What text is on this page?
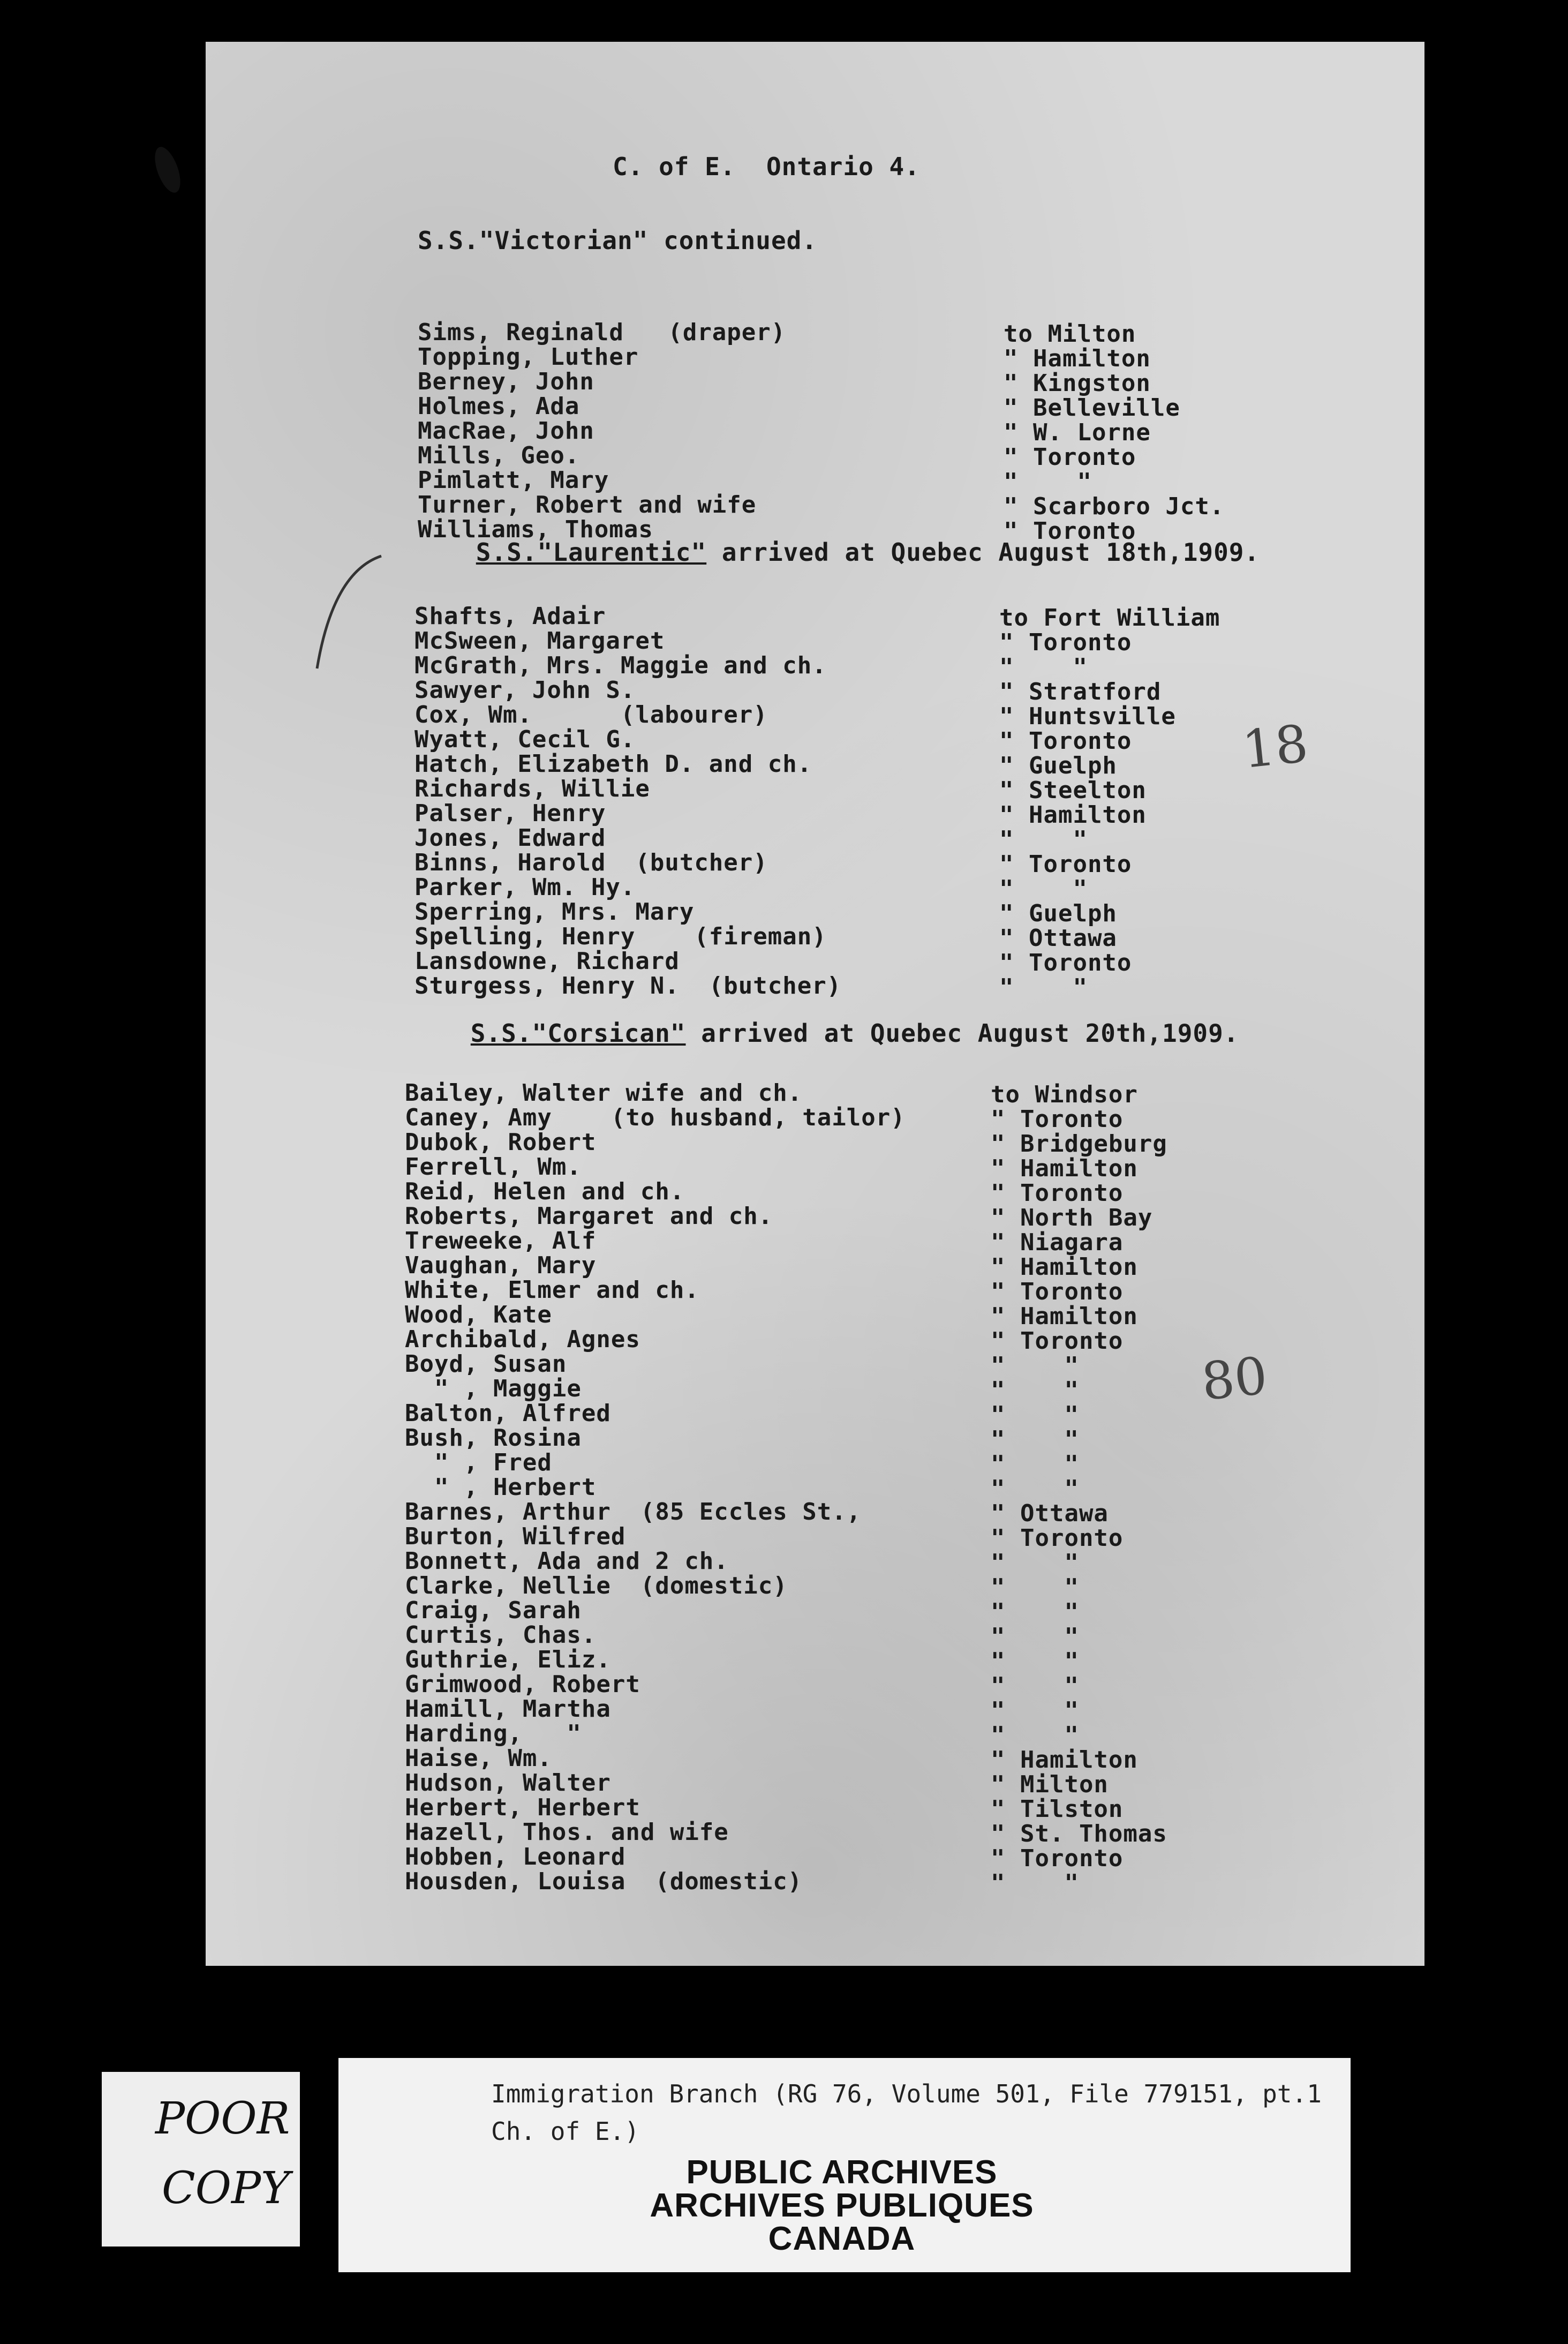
C. of E.  Ontario 4.
S.S."Victorian" continued.
Sims, Reginald   (draper)	to Milton
Topping, Luther	" Hamilton
Berney, John	" Kingston
Holmes, Ada	" Belleville
MacRae, John	" W. Lorne
Mills, Geo.	" Toronto
Pimlatt, Mary	"    "
Turner, Robert and wife	" Scarboro Jct.
Williams, Thomas	" Toronto

S.S."Laurentic" arrived at Quebec August 18th,1909.

Shafts, Adair	to Fort William
McSween, Margaret	" Toronto
McGrath, Mrs. Maggie and ch.	"    "
Sawyer, John S.	" Stratford
Cox, Wm.      (labourer)	" Huntsville
Wyatt, Cecil G.	" Toronto
Hatch, Elizabeth D. and ch.	" Guelph
Richards, Willie	" Steelton
Palser, Henry	" Hamilton
Jones, Edward	"    "
Binns, Harold  (butcher)	" Toronto
Parker, Wm. Hy.	"    "
Sperring, Mrs. Mary	" Guelph
Spelling, Henry    (fireman)	" Ottawa
Lansdowne, Richard	" Toronto
Sturgess, Henry N.  (butcher)	"    "

S.S."Corsican" arrived at Quebec August 20th,1909.

Bailey, Walter wife and ch.	to Windsor
Caney, Amy    (to husband, tailor)	" Toronto
Dubok, Robert	" Bridgeburg
Ferrell, Wm.	" Hamilton
Reid, Helen and ch.	" Toronto
Roberts, Margaret and ch.	" North Bay
Treweeke, Alf	" Niagara
Vaughan, Mary	" Hamilton
White, Elmer and ch.	" Toronto
Wood, Kate	" Hamilton
Archibald, Agnes	" Toronto
Boyd, Susan	"    "
" , Maggie	"    "
Balton, Alfred	"    "
Bush, Rosina	"    "
" , Fred	"    "
" , Herbert	"    "
Barnes, Arthur  (85 Eccles St.,	" Ottawa
Burton, Wilfred	" Toronto
Bonnett, Ada and 2 ch.	"    "
Clarke, Nellie  (domestic)	"    "
Craig, Sarah	"    "
Curtis, Chas.	"    "
Guthrie, Eliz.	"    "
Grimwood, Robert	"    "
Hamill, Martha	"    "
Harding,   "	"    "
Haise, Wm.	" Hamilton
Hudson, Walter	" Milton
Herbert, Herbert	" Tilston
Hazell, Thos. and wife	" St. Thomas
Hobben, Leonard	" Toronto
Housden, Louisa  (domestic)	"    "
18
80
POOR
COPY
Immigration Branch (RG 76, Volume 501, File 779151, pt.1
Ch. of E.)
PUBLIC ARCHIVES
ARCHIVES PUBLIQUES
CANADA
